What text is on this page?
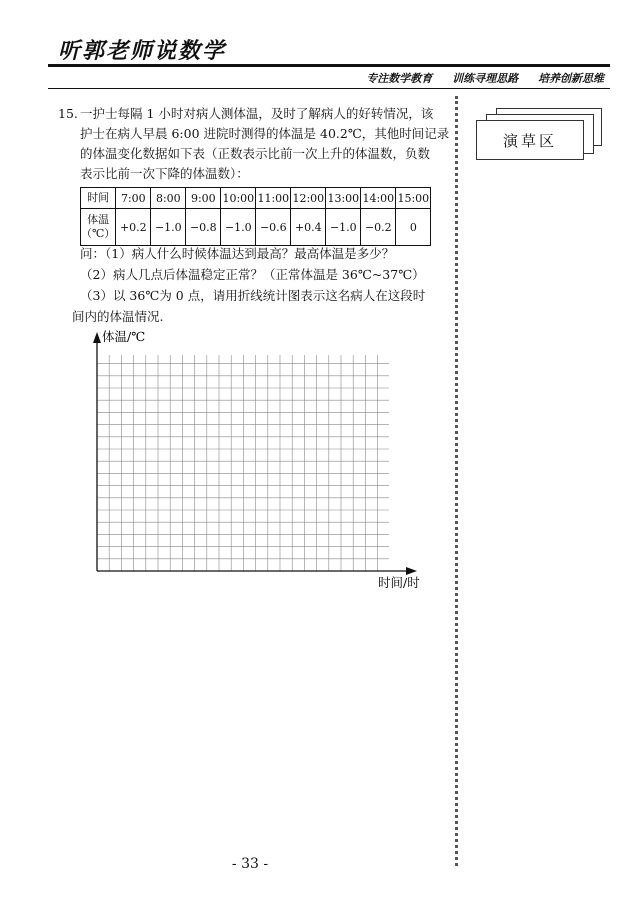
听郭老师说数学
专注数学教育 训练寻理思路 培养创新思维
15. 一护士每隔 1 小时对病人测体温，及时了解病人的好转情况，该
护士在病人早晨 6:00 进院时测得的体温是 40.2℃，其他时间记录
的体温变化数据如下表（正数表示比前一次上升的体温数，负数
表示比前一次下降的体温数）：
时间	7:00	8:00	9:00	10:00	11:00	12:00	13:00	14:00	15:00
体温
（℃）	+0.2	−1.0	−0.8	−1.0	−0.6	+0.4	−1.0	−0.2	0
问：（1）病人什么时候体温达到最高？最高体温是多少？
（2）病人几点后体温稳定正常？（正常体温是 36℃~37℃）
（3）以 36℃为 0 点，请用折线统计图表示这名病人在这段时
间内的体温情况.
体温/℃
时间/时
演草区
- 33 -
